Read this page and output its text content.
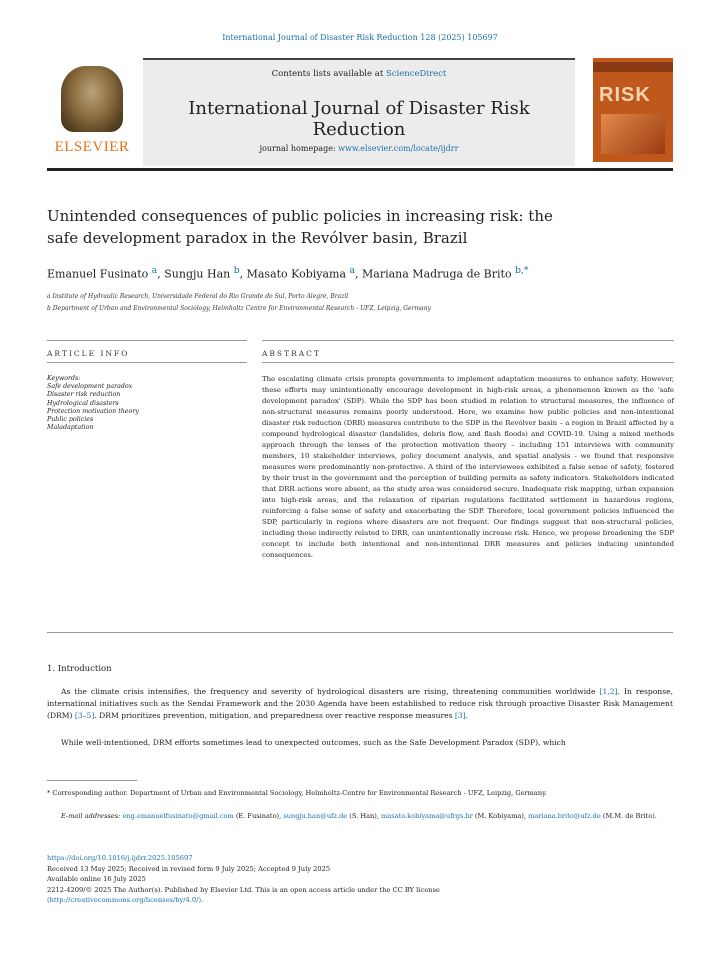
International Journal of Disaster Risk Reduction 128 (2025) 105697
ELSEVIER
Contents lists available at ScienceDirect
International Journal of Disaster Risk Reduction
journal homepage: www.elsevier.com/locate/ijdrr
RISK
Unintended consequences of public policies in increasing risk: the
safe development paradox in the Revólver basin, Brazil
Emanuel Fusinato $^a$, Sungju Han $^b$, Masato Kobiyama $^a$, Mariana Madruga de Brito $^{b,*}$
a Institute of Hydraulic Research, Universidade Federal do Rio Grande do Sul, Porto Alegre, Brazil
b Department of Urban and Environmental Sociology, Helmholtz Centre for Environmental Research - UFZ, Leipzig, Germany
ARTICLE INFO	ABSTRACT
Keywords:
Safe development paradox
Disaster risk reduction
Hydrological disasters
Protection motivation theory
Public policies
Maladaptation
The escalating climate crisis prompts governments to implement adaptation measures to enhance safety. However, these efforts may unintentionally encourage development in high-risk areas, a phenomenon known as the 'safe development paradox' (SDP). While the SDP has been studied in relation to structural measures, the influence of non-structural measures remains poorly understood. Here, we examine how public policies and non-intentional disaster risk reduction (DRR) measures contribute to the SDP in the Revólver basin – a region in Brazil affected by a compound hydrological disaster (landslides, debris flow, and flash floods) and COVID-19. Using a mixed methods approach through the lenses of the protection motivation theory – including 151 interviews with community members, 10 stakeholder interviews, policy document analysis, and spatial analysis - we found that responsive measures were predominantly non-protective. A third of the interviewees exhibited a false sense of safety, fostered by their trust in the government and the perception of building permits as safety indicators. Stakeholders indicated that DRR actions were absent, as the study area was considered secure. Inadequate risk mapping, urban expansion into high-risk areas, and the relaxation of riparian regulations facilitated settlement in hazardous regions, reinforcing a false sense of safety and exacerbating the SDP. Therefore, local government policies influenced the SDP, particularly in regions where disasters are not frequent. Our findings suggest that non-structural policies, including those indirectly related to DRR, can unintentionally increase risk. Hence, we propose broadening the SDP concept to include both intentional and non-intentional DRR measures and policies inducing unintended consequences.
1. Introduction
As the climate crisis intensifies, the frequency and severity of hydrological disasters are rising, threatening communities worldwide [1,2]. In response, international initiatives such as the Sendai Framework and the 2030 Agenda have been established to reduce risk through proactive Disaster Risk Management (DRM) [3–5]. DRM prioritizes prevention, mitigation, and preparedness over reactive response measures [3].
While well-intentioned, DRM efforts sometimes lead to unexpected outcomes, such as the Safe Development Paradox (SDP), which
* Corresponding author. Department of Urban and Environmental Sociology, Helmholtz-Centre for Environmental Research - UFZ, Leipzig, Germany.
E-mail addresses: eng.emanuelfusinato@gmail.com (E. Fusinato), sungju.han@ufz.de (S. Han), masato.kobiyama@ufrgs.br (M. Kobiyama), mariana.brito@ufz.de (M.M. de Brito).
https://doi.org/10.1016/j.ijdrr.2025.105697
Received 13 May 2025; Received in revised form 9 July 2025; Accepted 9 July 2025
Available online 16 July 2025
2212-4209/© 2025 The Author(s). Published by Elsevier Ltd. This is an open access article under the CC BY license
(http://creativecommons.org/licenses/by/4.0/).
